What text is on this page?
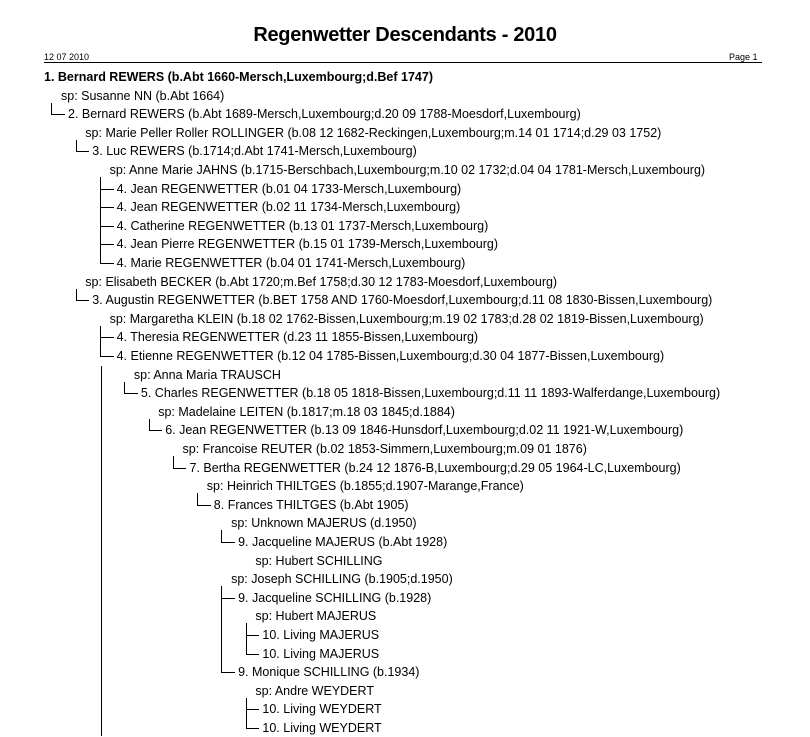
Regenwetter Descendants - 2010
12 07 2010	Page 1
1. Bernard REWERS (b.Abt 1660-Mersch,Luxembourg;d.Bef 1747)
sp: Susanne NN (b.Abt 1664)
2. Bernard REWERS (b.Abt 1689-Mersch,Luxembourg;d.20 09 1788-Moesdorf,Luxembourg)
sp: Marie Peller Roller ROLLINGER (b.08 12 1682-Reckingen,Luxembourg;m.14 01 1714;d.29 03 1752)
3. Luc REWERS (b.1714;d.Abt 1741-Mersch,Luxembourg)
sp: Anne Marie JAHNS (b.1715-Berschbach,Luxembourg;m.10 02 1732;d.04 04 1781-Mersch,Luxembourg)
4. Jean REGENWETTER (b.01 04 1733-Mersch,Luxembourg)
4. Jean REGENWETTER (b.02 11 1734-Mersch,Luxembourg)
4. Catherine REGENWETTER (b.13 01 1737-Mersch,Luxembourg)
4. Jean Pierre REGENWETTER (b.15 01 1739-Mersch,Luxembourg)
4. Marie REGENWETTER (b.04 01 1741-Mersch,Luxembourg)
sp: Elisabeth BECKER (b.Abt 1720;m.Bef 1758;d.30 12 1783-Moesdorf,Luxembourg)
3. Augustin REGENWETTER (b.BET 1758 AND 1760-Moesdorf,Luxembourg;d.11 08 1830-Bissen,Luxembourg)
sp: Margaretha KLEIN (b.18 02 1762-Bissen,Luxembourg;m.19 02 1783;d.28 02 1819-Bissen,Luxembourg)
4. Theresia REGENWETTER (d.23 11 1855-Bissen,Luxembourg)
4. Etienne REGENWETTER (b.12 04 1785-Bissen,Luxembourg;d.30 04 1877-Bissen,Luxembourg)
sp: Anna Maria TRAUSCH
5. Charles REGENWETTER (b.18 05 1818-Bissen,Luxembourg;d.11 11 1893-Walferdange,Luxembourg)
sp: Madelaine LEITEN (b.1817;m.18 03 1845;d.1884)
6. Jean REGENWETTER (b.13 09 1846-Hunsdorf,Luxembourg;d.02 11 1921-W,Luxembourg)
sp: Francoise REUTER (b.02 1853-Simmern,Luxembourg;m.09 01 1876)
7. Bertha REGENWETTER (b.24 12 1876-B,Luxembourg;d.29 05 1964-LC,Luxembourg)
sp: Heinrich THILTGES (b.1855;d.1907-Marange,France)
8. Frances THILTGES (b.Abt 1905)
sp: Unknown MAJERUS (d.1950)
9. Jacqueline MAJERUS (b.Abt 1928)
sp: Hubert SCHILLING
sp: Joseph SCHILLING (b.1905;d.1950)
9. Jacqueline SCHILLING (b.1928)
sp: Hubert MAJERUS
10. Living MAJERUS
10. Living MAJERUS
9. Monique SCHILLING (b.1934)
sp: Andre WEYDERT
10. Living WEYDERT
10. Living WEYDERT
